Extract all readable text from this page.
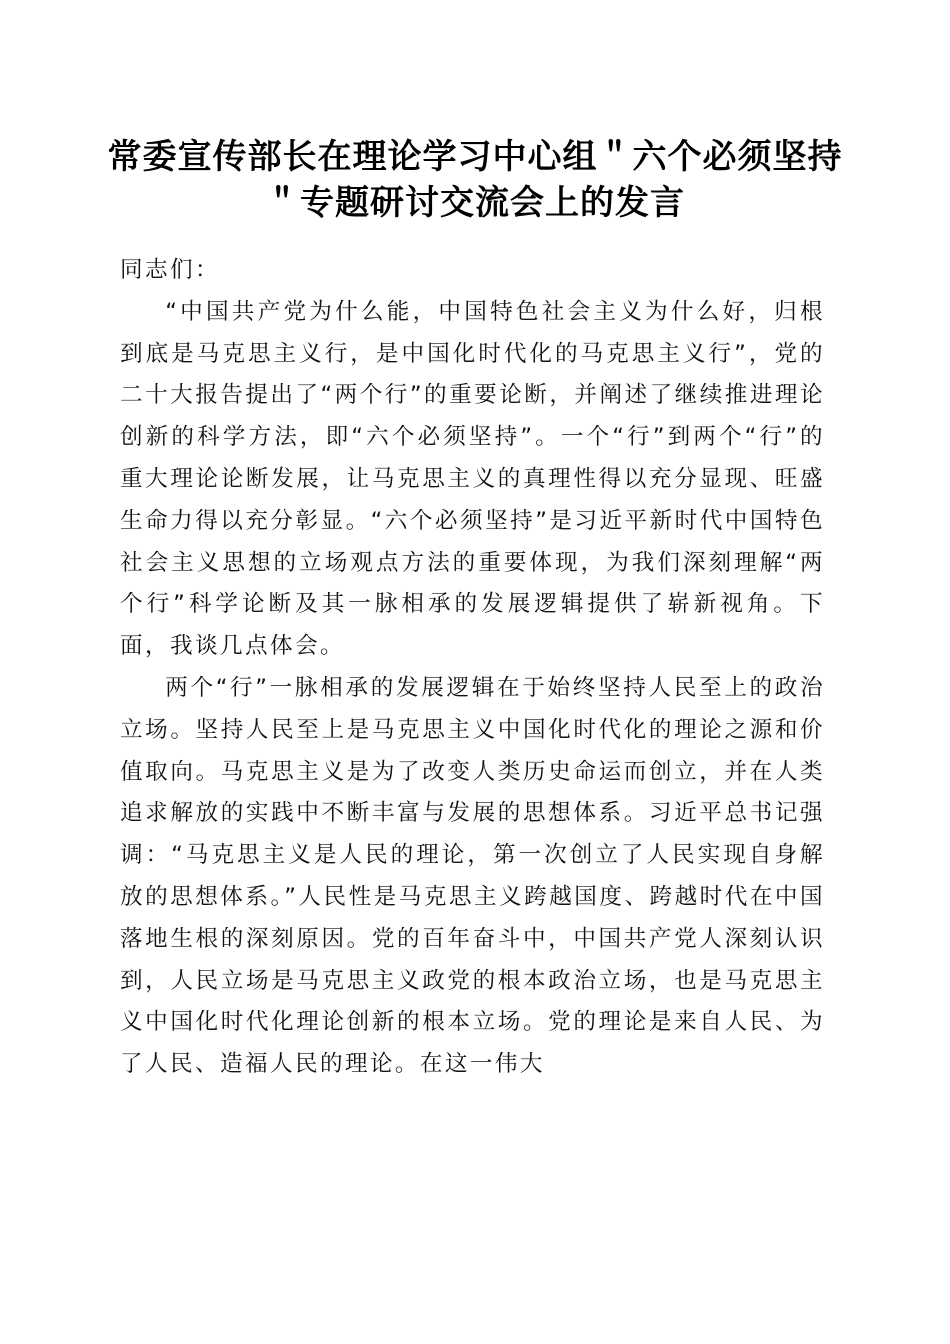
常委宣传部长在理论学习中心组＂六个必须坚持＂专题研讨交流会上的发言

同志们：

“中国共产党为什么能，中国特色社会主义为什么好，归根到底是马克思主义行，是中国化时代化的马克思主义行”，党的二十大报告提出了“两个行”的重要论断，并阐述了继续推进理论创新的科学方法，即“六个必须坚持”。一个“行”到两个“行”的重大理论论断发展，让马克思主义的真理性得以充分显现、旺盛生命力得以充分彰显。“六个必须坚持”是习近平新时代中国特色社会主义思想的立场观点方法的重要体现，为我们深刻理解“两个行”科学论断及其一脉相承的发展逻辑提供了崭新视角。下面，我谈几点体会。

两个“行”一脉相承的发展逻辑在于始终坚持人民至上的政治立场。坚持人民至上是马克思主义中国化时代化的理论之源和价值取向。马克思主义是为了改变人类历史命运而创立，并在人类追求解放的实践中不断丰富与发展的思想体系。习近平总书记强调：“马克思主义是人民的理论，第一次创立了人民实现自身解放的思想体系。”人民性是马克思主义跨越国度、跨越时代在中国落地生根的深刻原因。党的百年奋斗中，中国共产党人深刻认识到，人民立场是马克思主义政党的根本政治立场，也是马克思主义中国化时代化理论创新的根本立场。党的理论是来自人民、为了人民、造福人民的理论。在这一伟大
